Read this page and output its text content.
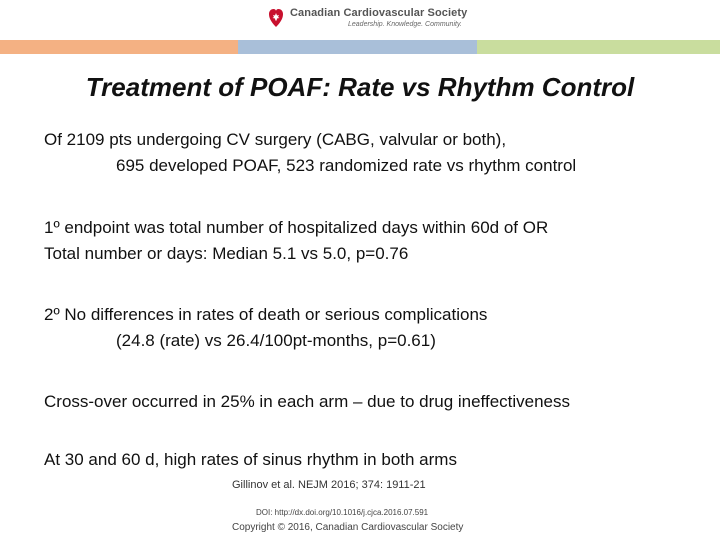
Canadian Cardiovascular Society
Leadership. Knowledge. Community.
Treatment of POAF: Rate vs Rhythm Control
Of 2109 pts undergoing CV surgery (CABG, valvular or both),
695 developed POAF, 523 randomized rate vs rhythm control
1º endpoint was total number of hospitalized days within 60d of OR
Total number or days: Median 5.1 vs 5.0, p=0.76
2º No differences in rates of death or serious complications
(24.8 (rate) vs 26.4/100pt-months, p=0.61)
Cross-over occurred in 25% in each arm – due to drug ineffectiveness
At 30 and 60 d, high rates of sinus rhythm in both arms
Gillinov et al. NEJM 2016; 374: 1911-21
DOI: http://dx.doi.org/10.1016/j.cjca.2016.07.591
Copyright © 2016, Canadian Cardiovascular Society
